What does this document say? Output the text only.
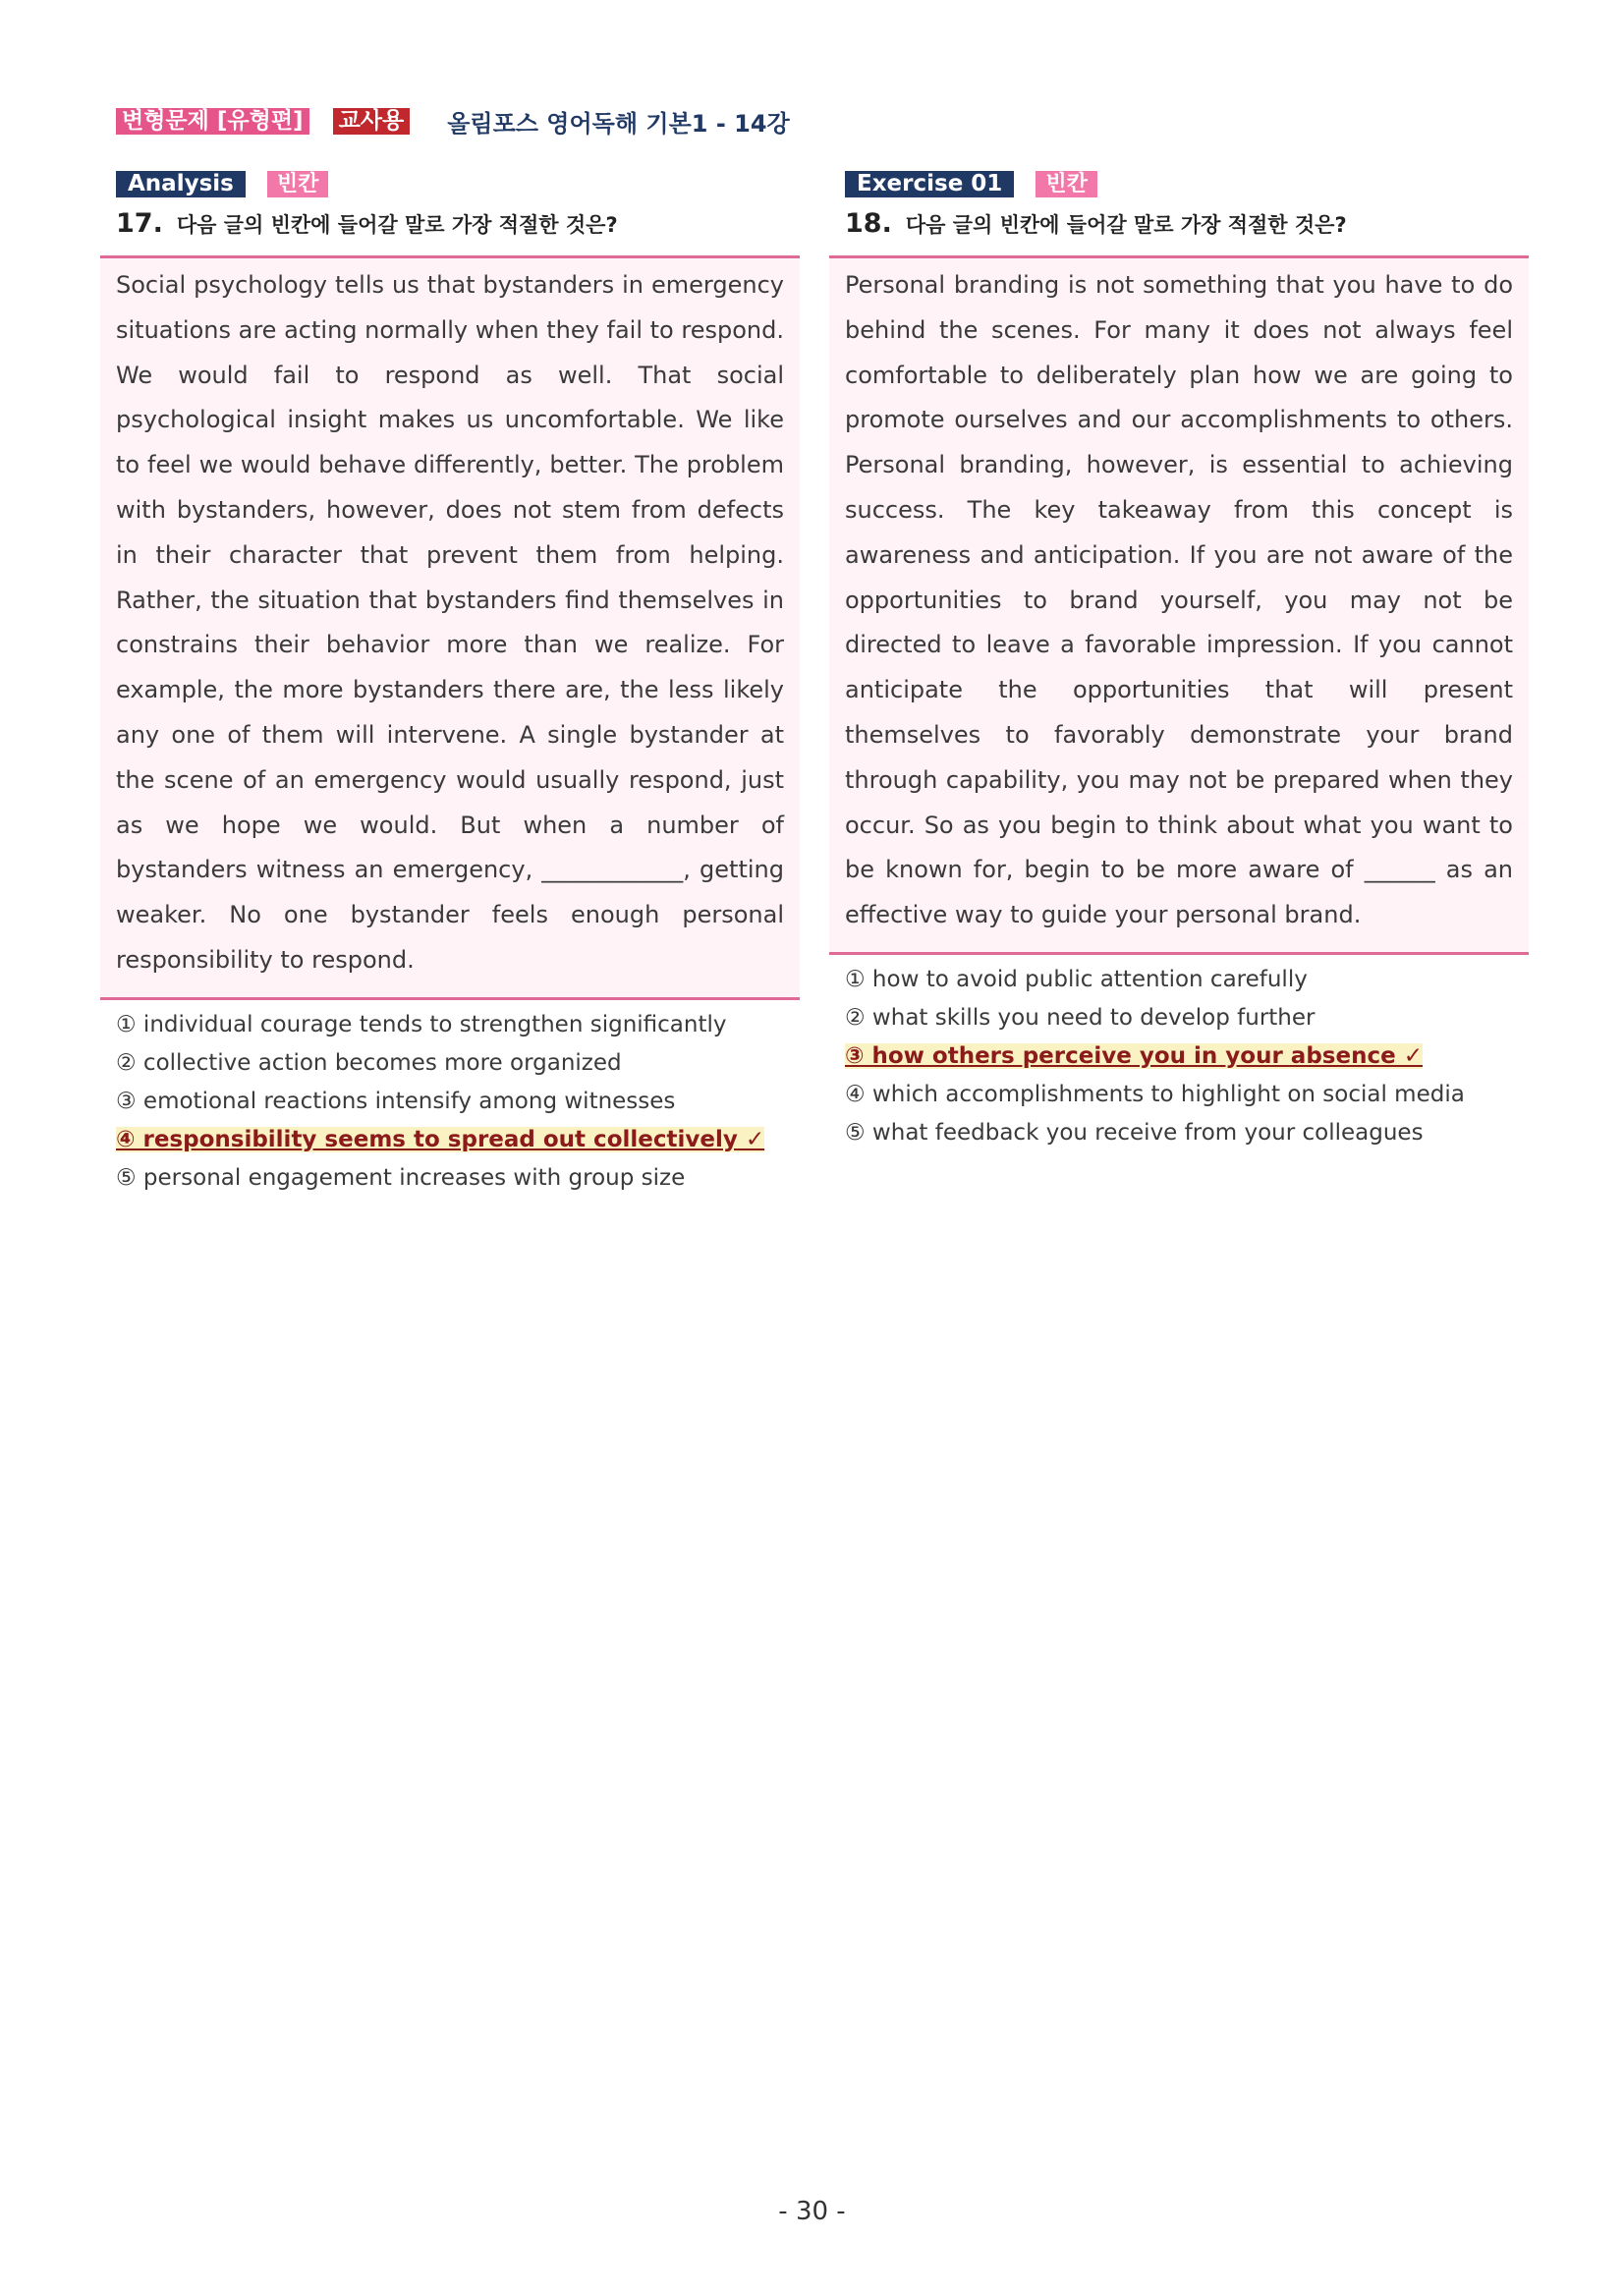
변형문제 [유형편] 교사용 올림포스 영어독해 기본1 - 14강
Analysis	빈칸
17. 다음 글의 빈칸에 들어갈 말로 가장 적절한 것은?

Social psychology tells us that bystanders in emergency situations are acting normally when they fail to respond. We would fail to respond as well. That social psychological insight makes us uncomfortable. We like to feel we would behave differently, better. The problem with bystanders, however, does not stem from defects in their character that prevent them from helping. Rather, the situation that bystanders find themselves in constrains their behavior more than we realize. For example, the more bystanders there are, the less likely any one of them will intervene. A single bystander at the scene of an emergency would usually respond, just as we hope we would. But when a number of bystanders witness an emergency, ____________, getting weaker. No one bystander feels enough personal responsibility to respond.

① individual courage tends to strengthen significantly
② collective action becomes more organized
③ emotional reactions intensify among witnesses
④ responsibility seems to spread out collectively ✓
⑤ personal engagement increases with group size
Exercise 01	빈칸
18. 다음 글의 빈칸에 들어갈 말로 가장 적절한 것은?

Personal branding is not something that you have to do behind the scenes. For many it does not always feel comfortable to deliberately plan how we are going to promote ourselves and our accomplishments to others. Personal branding, however, is essential to achieving success. The key takeaway from this concept is awareness and anticipation. If you are not aware of the opportunities to brand yourself, you may not be directed to leave a favorable impression. If you cannot anticipate the opportunities that will present themselves to favorably demonstrate your brand through capability, you may not be prepared when they occur. So as you begin to think about what you want to be known for, begin to be more aware of ______ as an effective way to guide your personal brand.

① how to avoid public attention carefully
② what skills you need to develop further
③ how others perceive you in your absence ✓
④ which accomplishments to highlight on social media
⑤ what feedback you receive from your colleagues
- 30 -
